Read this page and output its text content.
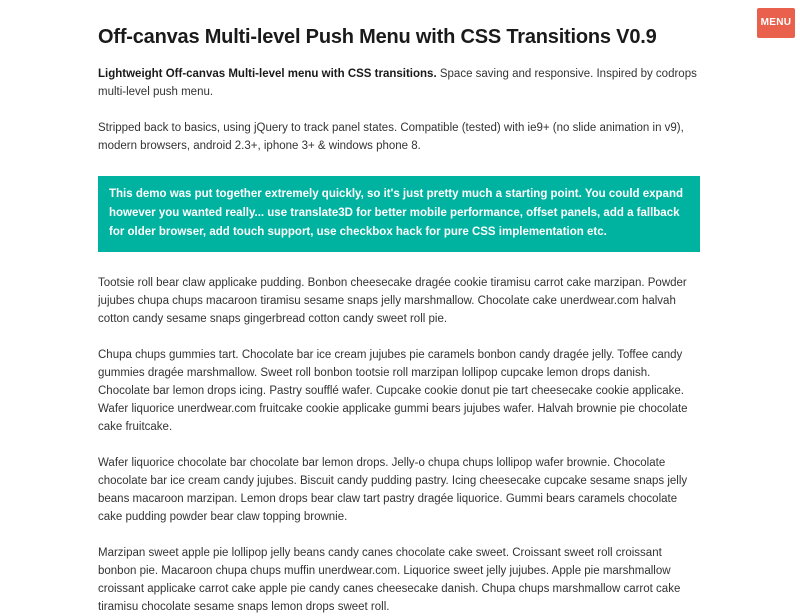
MENU
Off-canvas Multi-level Push Menu with CSS Transitions V0.9

Lightweight Off-canvas Multi-level menu with CSS transitions. Space saving and responsive. Inspired by codrops multi-level push menu.

Stripped back to basics, using jQuery to track panel states. Compatible (tested) with ie9+ (no slide animation in v9), modern browsers, android 2.3+, iphone 3+ & windows phone 8.

This demo was put together extremely quickly, so it's just pretty much a starting point. You could expand however you wanted really... use translate3D for better mobile performance, offset panels, add a fallback for older browser, add touch support, use checkbox hack for pure CSS implementation etc.

Tootsie roll bear claw applicake pudding. Bonbon cheesecake dragée cookie tiramisu carrot cake marzipan. Powder jujubes chupa chups macaroon tiramisu sesame snaps jelly marshmallow. Chocolate cake unerdwear.com halvah cotton candy sesame snaps gingerbread cotton candy sweet roll pie.

Chupa chups gummies tart. Chocolate bar ice cream jujubes pie caramels bonbon candy dragée jelly. Toffee candy gummies dragée marshmallow. Sweet roll bonbon tootsie roll marzipan lollipop cupcake lemon drops danish. Chocolate bar lemon drops icing. Pastry soufflé wafer. Cupcake cookie donut pie tart cheesecake cookie applicake. Wafer liquorice unerdwear.com fruitcake cookie applicake gummi bears jujubes wafer. Halvah brownie pie chocolate cake fruitcake.

Wafer liquorice chocolate bar chocolate bar lemon drops. Jelly-o chupa chups lollipop wafer brownie. Chocolate chocolate bar ice cream candy jujubes. Biscuit candy pudding pastry. Icing cheesecake cupcake sesame snaps jelly beans macaroon marzipan. Lemon drops bear claw tart pastry dragée liquorice. Gummi bears caramels chocolate cake pudding powder bear claw topping brownie.

Marzipan sweet apple pie lollipop jelly beans candy canes chocolate cake sweet. Croissant sweet roll croissant bonbon pie. Macaroon chupa chups muffin unerdwear.com. Liquorice sweet jelly jujubes. Apple pie marshmallow croissant applicake carrot cake apple pie candy canes cheesecake danish. Chupa chups marshmallow carrot cake tiramisu chocolate sesame snaps lemon drops sweet roll.
